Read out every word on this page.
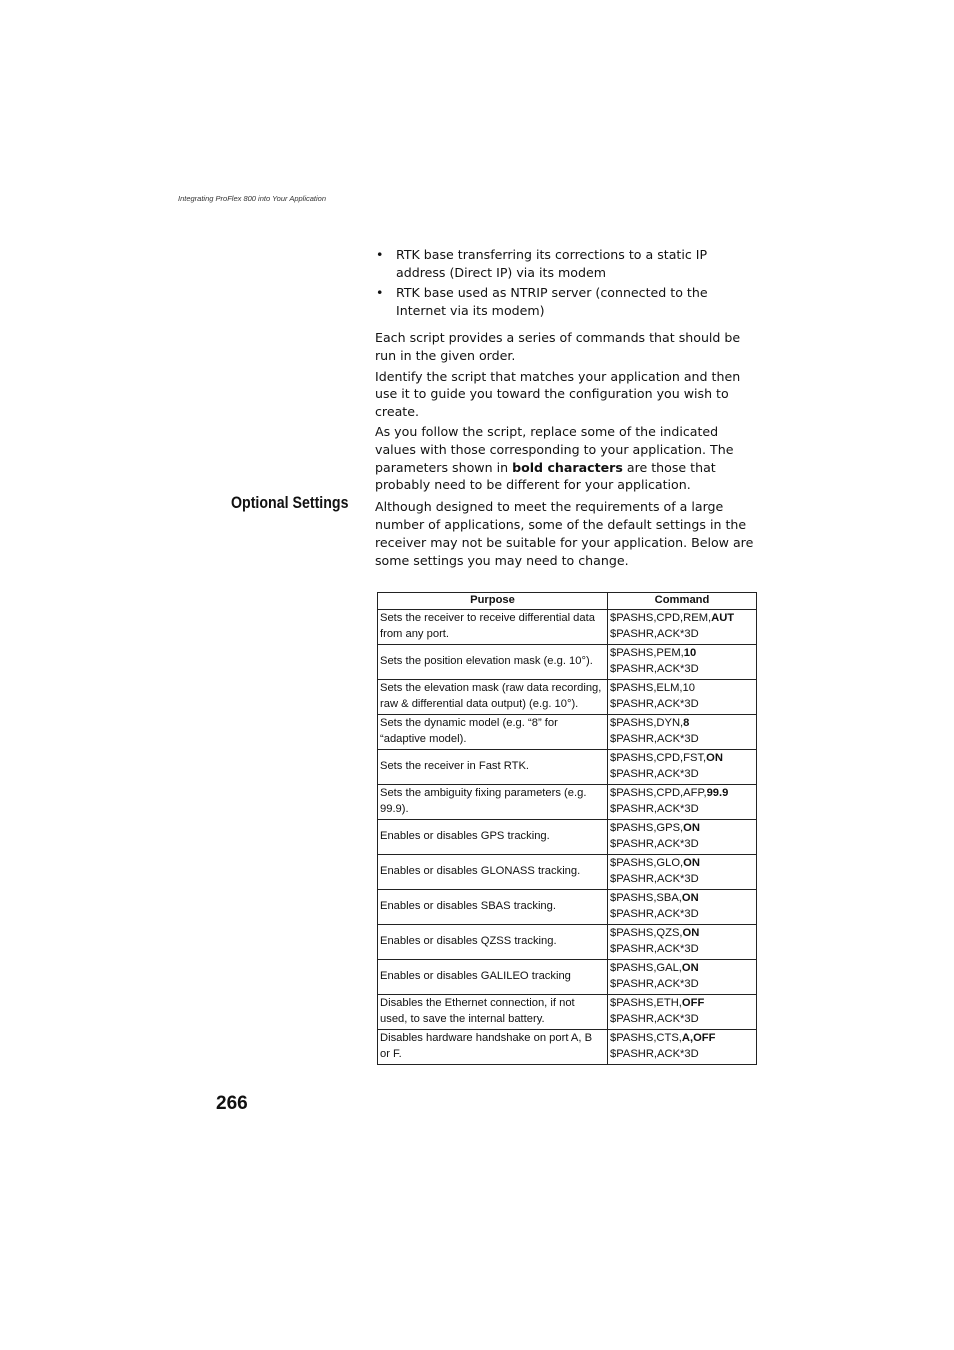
Integrating ProFlex 800 into Your Application
• RTK base transferring its corrections to a static IP address (Direct IP) via its modem
• RTK base used as NTRIP server (connected to the Internet via its modem)

Each script provides a series of commands that should be run in the given order.

Identify the script that matches your application and then use it to guide you toward the configuration you wish to create.

As you follow the script, replace some of the indicated values with those corresponding to your application. The parameters shown in bold characters are those that probably need to be different for your application.

Optional Settings Although designed to meet the requirements of a large number of applications, some of the default settings in the receiver may not be suitable for your application. Below are some settings you may need to change.
Purpose	Command
Sets the receiver to receive differential data from any port.	$PASHS,CPD,REM,AUT
$PASHR,ACK*3D

Sets the position elevation mask (e.g. 10°).	$PASHS,PEM,10
$PASHR,ACK*3D

Sets the elevation mask (raw data recording, raw & differential data output) (e.g. 10°).	$PASHS,ELM,10
$PASHR,ACK*3D

Sets the dynamic model (e.g. “8” for “adaptive model).	$PASHS,DYN,8
$PASHR,ACK*3D

Sets the receiver in Fast RTK.	$PASHS,CPD,FST,ON
$PASHR,ACK*3D

Sets the ambiguity fixing parameters (e.g. 99.9).	$PASHS,CPD,AFP,99.9
$PASHR,ACK*3D

Enables or disables GPS tracking.	$PASHS,GPS,ON
$PASHR,ACK*3D

Enables or disables GLONASS tracking.	$PASHS,GLO,ON
$PASHR,ACK*3D

Enables or disables SBAS tracking.	$PASHS,SBA,ON
$PASHR,ACK*3D

Enables or disables QZSS tracking.	$PASHS,QZS,ON
$PASHR,ACK*3D

Enables or disables GALILEO tracking	$PASHS,GAL,ON
$PASHR,ACK*3D

Disables the Ethernet connection, if not used, to save the internal battery.	$PASHS,ETH,OFF
$PASHR,ACK*3D

Disables hardware handshake on port A, B or F.	$PASHS,CTS,A,OFF
$PASHR,ACK*3D
266
